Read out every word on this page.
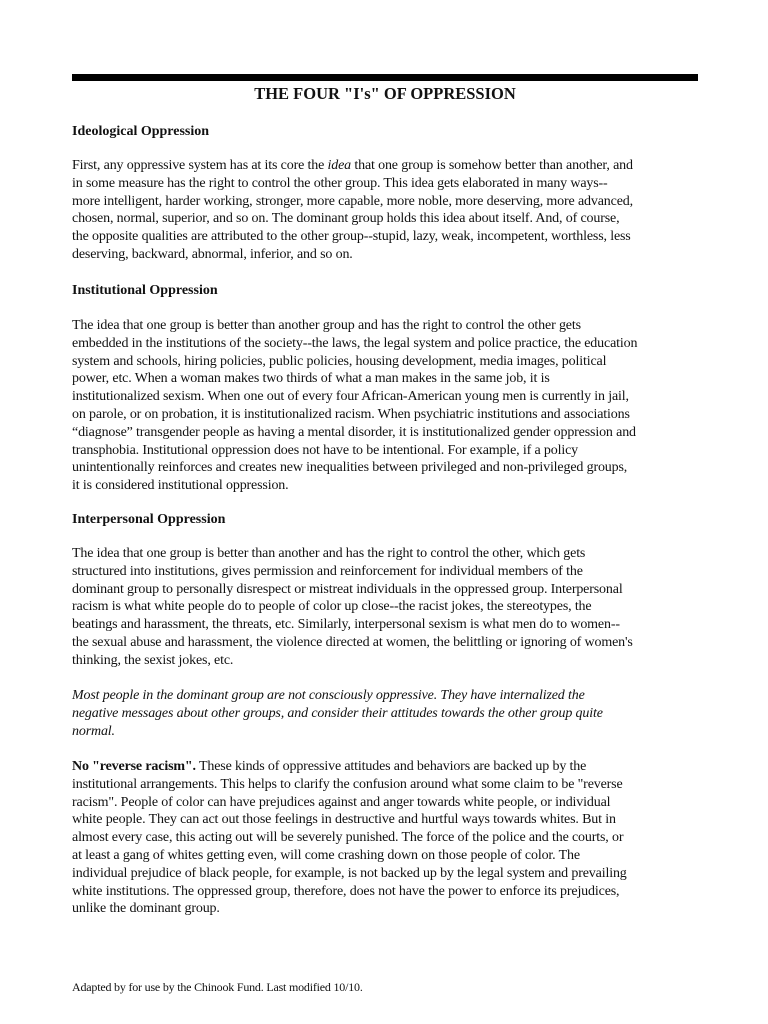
THE FOUR "I's" OF OPPRESSION
Ideological Oppression
First, any oppressive system has at its core the idea that one group is somehow better than another, and
in some measure has the right to control the other group. This idea gets elaborated in many ways--
more intelligent, harder working, stronger, more capable, more noble, more deserving, more advanced,
chosen, normal, superior, and so on. The dominant group holds this idea about itself. And, of course,
the opposite qualities are attributed to the other group--stupid, lazy, weak, incompetent, worthless, less
deserving, backward, abnormal, inferior, and so on.
Institutional Oppression
The idea that one group is better than another group and has the right to control the other gets
embedded in the institutions of the society--the laws, the legal system and police practice, the education
system and schools, hiring policies, public policies, housing development, media images, political
power, etc. When a woman makes two thirds of what a man makes in the same job, it is
institutionalized sexism. When one out of every four African-American young men is currently in jail,
on parole, or on probation, it is institutionalized racism. When psychiatric institutions and associations
“diagnose” transgender people as having a mental disorder, it is institutionalized gender oppression and
transphobia. Institutional oppression does not have to be intentional. For example, if a policy
unintentionally reinforces and creates new inequalities between privileged and non-privileged groups,
it is considered institutional oppression.
Interpersonal Oppression
The idea that one group is better than another and has the right to control the other, which gets
structured into institutions, gives permission and reinforcement for individual members of the
dominant group to personally disrespect or mistreat individuals in the oppressed group. Interpersonal
racism is what white people do to people of color up close--the racist jokes, the stereotypes, the
beatings and harassment, the threats, etc. Similarly, interpersonal sexism is what men do to women--
the sexual abuse and harassment, the violence directed at women, the belittling or ignoring of women's
thinking, the sexist jokes, etc.
Most people in the dominant group are not consciously oppressive. They have internalized the
negative messages about other groups, and consider their attitudes towards the other group quite
normal.
No "reverse racism". These kinds of oppressive attitudes and behaviors are backed up by the
institutional arrangements. This helps to clarify the confusion around what some claim to be "reverse
racism". People of color can have prejudices against and anger towards white people, or individual
white people. They can act out those feelings in destructive and hurtful ways towards whites. But in
almost every case, this acting out will be severely punished. The force of the police and the courts, or
at least a gang of whites getting even, will come crashing down on those people of color. The
individual prejudice of black people, for example, is not backed up by the legal system and prevailing
white institutions. The oppressed group, therefore, does not have the power to enforce its prejudices,
unlike the dominant group.
Adapted by for use by the Chinook Fund. Last modified 10/10.
